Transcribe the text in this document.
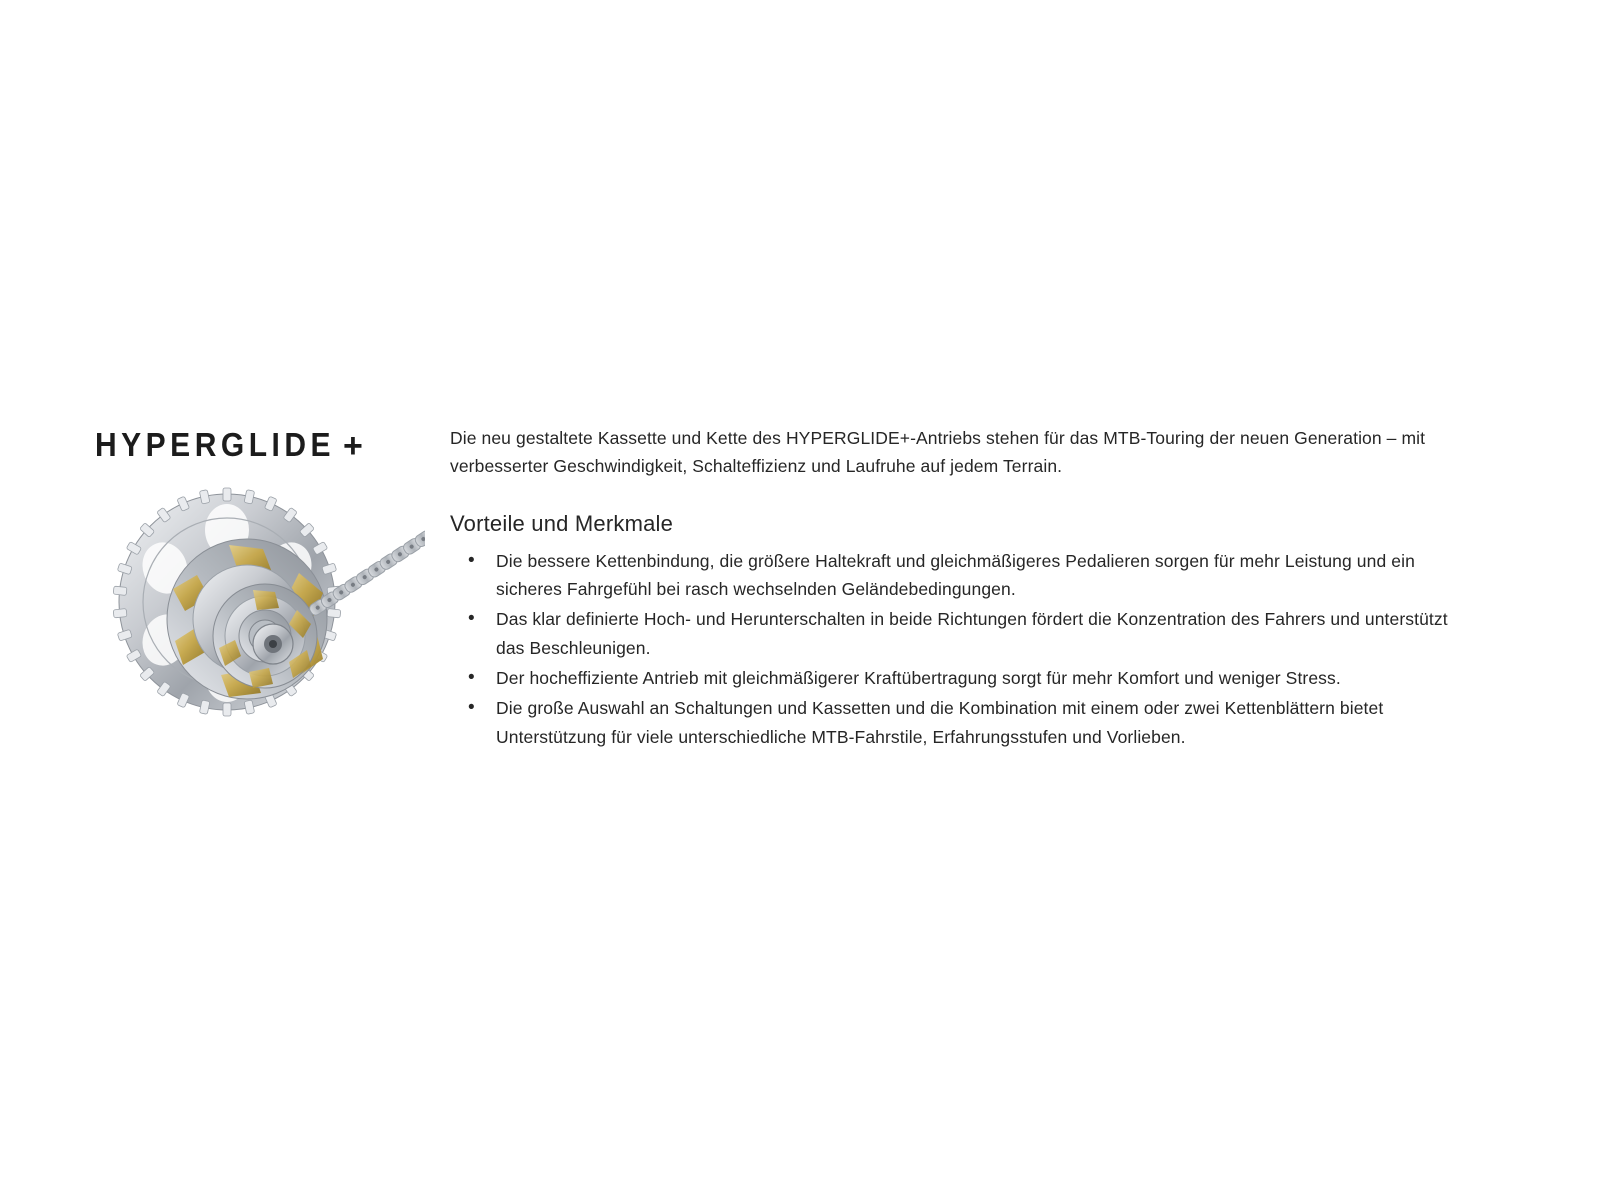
HYPERGLIDE +	Die neu gestaltete Kassette und Kette des HYPERGLIDE+-Antriebs stehen für das MTB-Touring der neuen Generation – mit verbesserter Geschwindigkeit, Schalteffizienz und Laufruhe auf jedem Terrain.

Vorteile und Merkmale
• Die bessere Kettenbindung, die größere Haltekraft und gleichmäßigeres Pedalieren sorgen für mehr Leistung und ein sicheres Fahrgefühl bei rasch wechselnden Geländebedingungen.
• Das klar definierte Hoch- und Herunterschalten in beide Richtungen fördert die Konzentration des Fahrers und unterstützt das Beschleunigen.
• Der hocheffiziente Antrieb mit gleichmäßigerer Kraftübertragung sorgt für mehr Komfort und weniger Stress.
• Die große Auswahl an Schaltungen und Kassetten und die Kombination mit einem oder zwei Kettenblättern bietet Unterstützung für viele unterschiedliche MTB-Fahrstile, Erfahrungsstufen und Vorlieben.
